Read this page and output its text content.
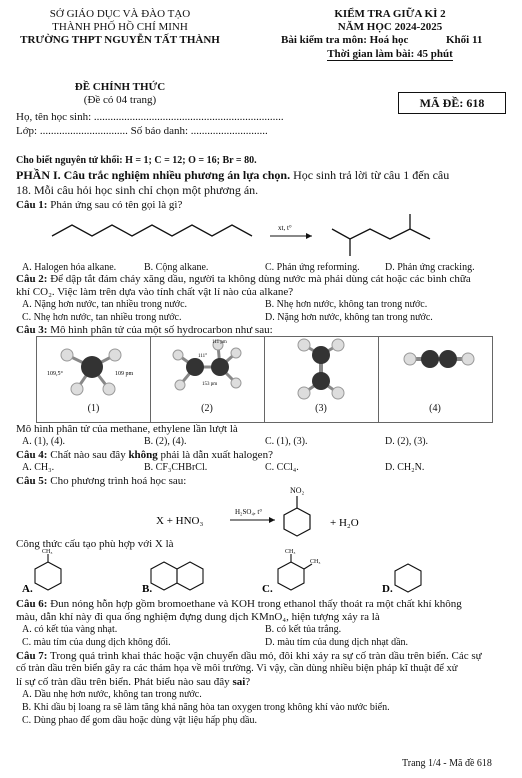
SỞ GIÁO DỤC VÀ ĐÀO TẠO
THÀNH PHỐ HỒ CHÍ MINH
TRƯỜNG THPT NGUYỄN TẤT THÀNH
KIỂM TRA GIỮA KÌ 2
NĂM HỌC 2024-2025
Bài kiểm tra môn: Hoá học	Khối 11
Thời gian làm bài: 45 phút
ĐỀ CHÍNH THỨC
(Đề có 04 trang)	MÃ ĐỀ: 618
Họ, tên học sinh: .....................................................................
Lớp: ................................ Số báo danh: ............................
Cho biết nguyên tử khối: H = 1; C = 12; O = 16; Br = 80.
PHẦN I. Câu trắc nghiệm nhiều phương án lựa chọn. Học sinh trả lời từ câu 1 đến câu
18. Mỗi câu hỏi học sinh chỉ chọn một phương án.
Câu 1: Phản ứng sau có tên gọi là gì?
xt, t°
A. Halogen hóa alkane.	B. Cộng alkane.	C. Phản ứng reforming.	D. Phản ứng cracking.
Câu 2: Để dập tắt đám cháy xăng dầu, người ta không dùng nước mà phải dùng cát hoặc các bình chữa
khí CO₂. Việc làm trên dựa vào tính chất vật lí nào của alkane?
A. Nặng hơn nước, tan nhiều trong nước.	B. Nhẹ hơn nước, không tan trong nước.
C. Nhẹ hơn nước, tan nhiều trong nước.	D. Nặng hơn nước, không tan trong nước.
Câu 3: Mô hình phân tử của một số hydrocarbon như sau:
109,5°	109 pm
(1)
111 pm
111°
153 pm
(2)	(3)	(4)
Mô hình phân tử của methane, ethylene lần lượt là
A. (1), (4).	B. (2), (4).	C. (1), (3).	D. (2), (3).
Câu 4: Chất nào sau đây không phải là dẫn xuất halogen?
A. CH₃.	B. CF₃CHBrCl.	C. CCl₄.	D. CH₂N.
Câu 5: Cho phương trình hoá học sau:
X + HNO₃
H₂SO₄, t°
NO₂
+ H₂O
Công thức cấu tạo phù hợp với X là
A.
CH₃
B.	C.
CH₃
CH₃
D.
Câu 6: Đun nóng hỗn hợp gồm bromoethane và KOH trong ethanol thấy thoát ra một chất khí không
màu, dẫn khí này đi qua ống nghiệm đựng dung dịch KMnO₄, hiện tượng xảy ra là
A. có kết tủa vàng nhạt.	B. có kết tủa trắng.
C. màu tím của dung dịch không đổi.	D. màu tím của dung dịch nhạt dần.
Câu 7: Trong quá trình khai thác hoặc vận chuyển dầu mỏ, đôi khi xảy ra sự cố tràn dầu trên biển. Các sự
cố tràn dầu trên biển gây ra các thảm họa về môi trường. Vì vậy, cần dùng nhiều biện pháp kĩ thuật để xử
lí sự cố tràn dầu trên biển. Phát biểu nào sau đây sai?
A. Dầu nhẹ hơn nước, không tan trong nước.
B. Khi dầu bị loang ra sẽ làm tăng khả năng hòa tan oxygen trong không khí vào nước biển.
C. Dùng phao để gom dầu hoặc dùng vật liệu hấp phụ dầu.
Trang 1/4 - Mã đề 618
